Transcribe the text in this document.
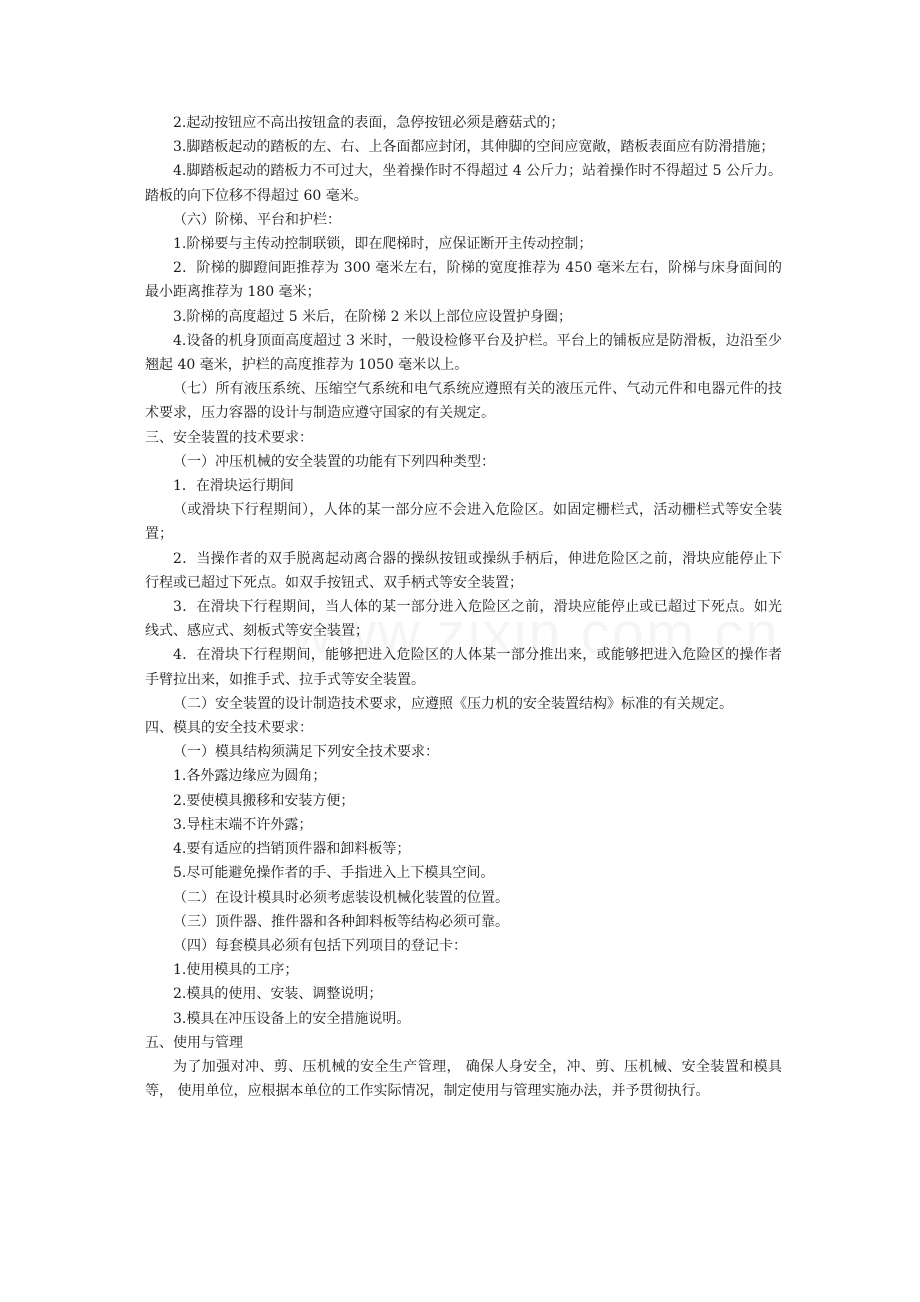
2.起动按钮应不高出按钮盒的表面，急停按钮必须是蘑菇式的；

3.脚踏板起动的踏板的左、右、上各面都应封闭，其伸脚的空间应宽敞，踏板表面应有防滑措施；

4.脚踏板起动的踏板力不可过大，坐着操作时不得超过 4 公斤力；站着操作时不得超过 5 公斤力。踏板的向下位移不得超过 60 毫米。

（六）阶梯、平台和护栏：

1.阶梯要与主传动控制联锁，即在爬梯时，应保证断开主传动控制；

2．阶梯的脚蹬间距推荐为 300 毫米左右，阶梯的宽度推荐为 450 毫米左右，阶梯与床身面间的最小距离推荐为 180 毫米；

3.阶梯的高度超过 5 米后，在阶梯 2 米以上部位应设置护身圈；

4.设备的机身顶面高度超过 3 米时，一般设检修平台及护栏。平台上的铺板应是防滑板，边沿至少翘起 40 毫米，护栏的高度推荐为 1050 毫米以上。

（七）所有液压系统、压缩空气系统和电气系统应遵照有关的液压元件、气动元件和电器元件的技术要求，压力容器的设计与制造应遵守国家的有关规定。

三、安全装置的技术要求：

（一）冲压机械的安全装置的功能有下列四种类型：

1．在滑块运行期间

（或滑块下行程期间），人体的某一部分应不会进入危险区。如固定栅栏式，活动栅栏式等安全装置；

2．当操作者的双手脱离起动离合器的操纵按钮或操纵手柄后，伸进危险区之前，滑块应能停止下行程或已超过下死点。如双手按钮式、双手柄式等安全装置；

3．在滑块下行程期间，当人体的某一部分进入危险区之前，滑块应能停止或已超过下死点。如光线式、感应式、刻板式等安全装置；

4．在滑块下行程期间，能够把进入危险区的人体某一部分推出来，或能够把进入危险区的操作者手臂拉出来，如推手式、拉手式等安全装置。

（二）安全装置的设计制造技术要求，应遵照《压力机的安全装置结构》标准的有关规定。

四、模具的安全技术要求：

（一）模具结构须满足下列安全技术要求：

1.各外露边缘应为圆角；

2.要使模具搬移和安装方便；

3.导柱末端不许外露；

4.要有适应的挡销顶件器和卸料板等；

5.尽可能避免操作者的手、手指进入上下模具空间。

（二）在设计模具时必须考虑装设机械化装置的位置。

（三）顶件器、推件器和各种卸料板等结构必须可靠。

（四）每套模具必须有包括下列项目的登记卡：

1.使用模具的工序；

2.模具的使用、安装、调整说明；

3.模具在冲压设备上的安全措施说明。

五、使用与管理

为了加强对冲、剪、压机械的安全生产管理， 确保人身安全，冲、剪、压机械、安全装置和模具等， 使用单位，应根据本单位的工作实际情况，制定使用与管理实施办法，并予贯彻执行。
